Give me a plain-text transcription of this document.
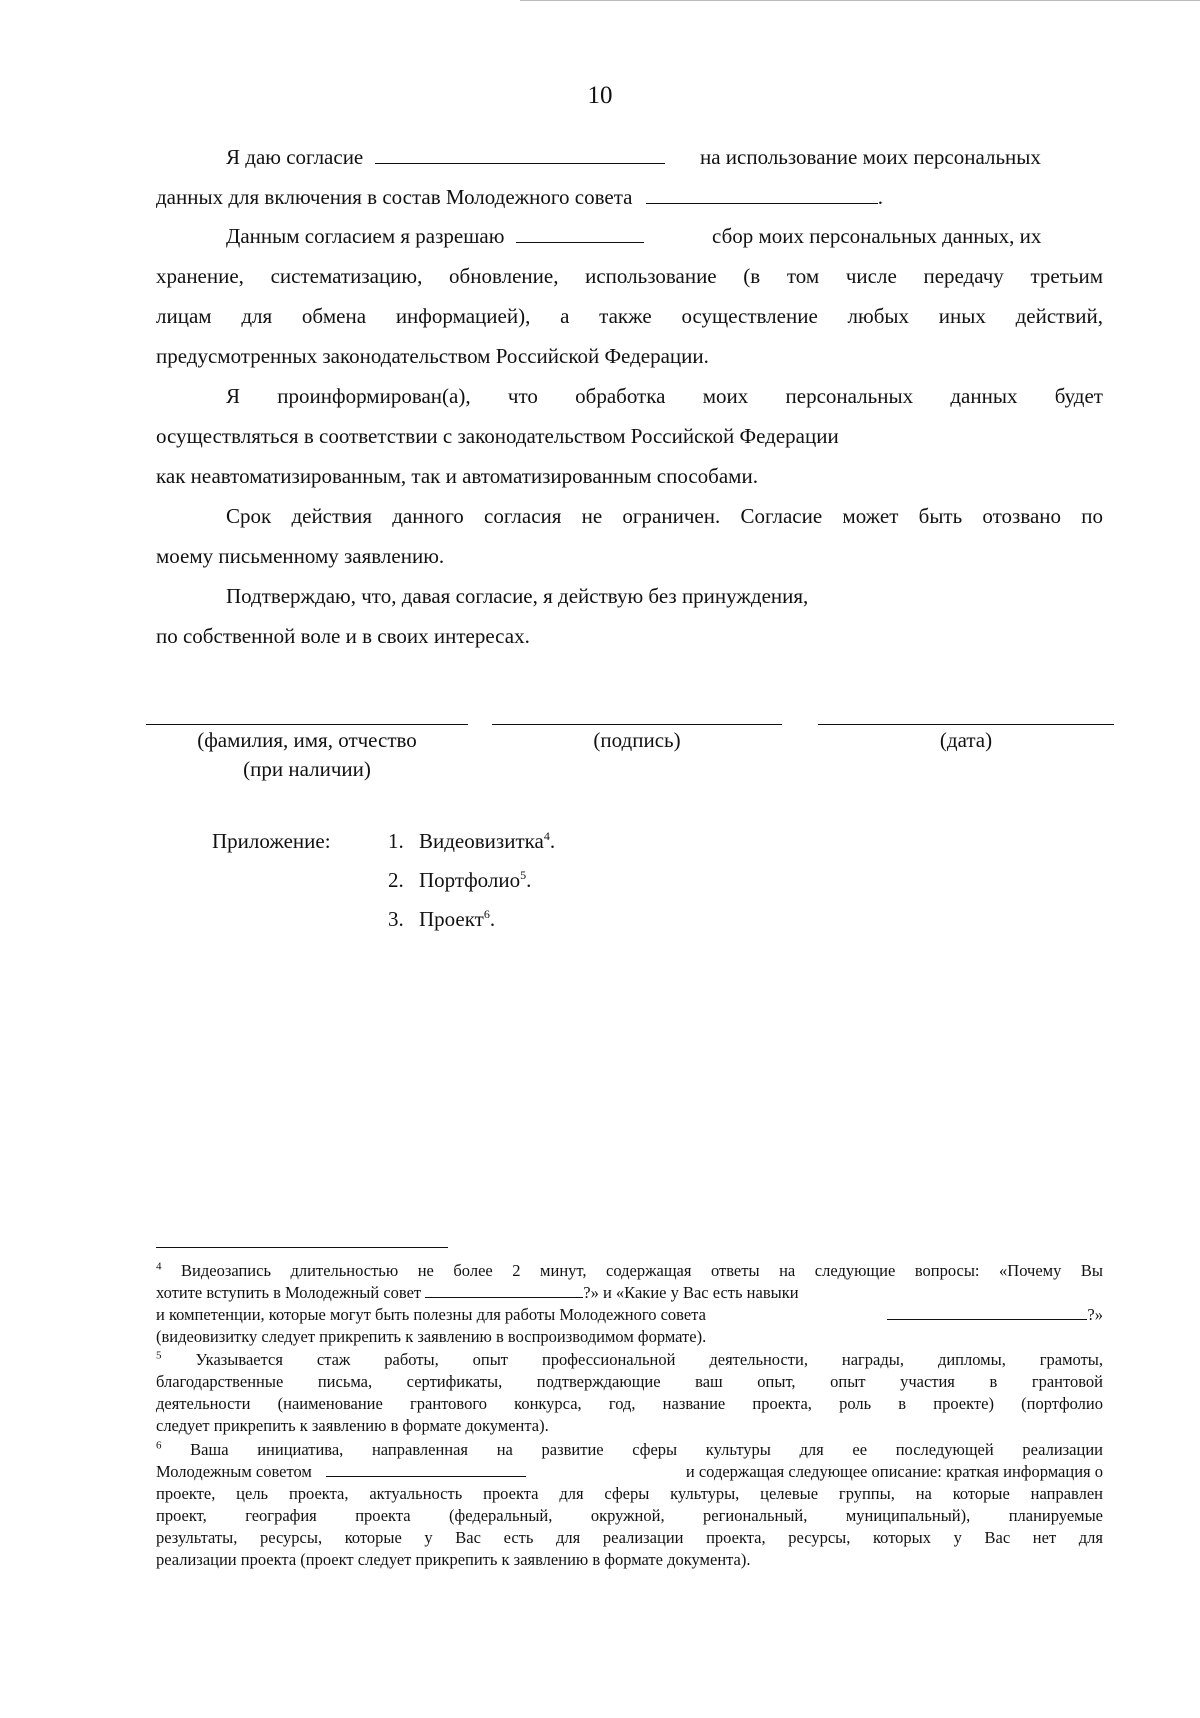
10
Я даю согласие	на использование моих персональных
данных для включения в состав Молодежного совета	.
Данным согласием я разрешаю	сбор моих персональных данных, их
хранение, систематизацию, обновление, использование (в том числе передачу третьим
лицам для обмена информацией), а также осуществление любых иных действий,
предусмотренных законодательством Российской Федерации.
Я проинформирован(а), что обработка моих персональных данных будет
осуществляться в соответствии с законодательством Российской Федерации
как неавтоматизированным, так и автоматизированным способами.
Срок действия данного согласия не ограничен. Согласие может быть отозвано по
моему письменному заявлению.
Подтверждаю, что, давая согласие, я действую без принуждения,
по собственной воле и в своих интересах.
(фамилия, имя, отчество
(при наличии)
(подпись)	(дата)
Приложение:	1. Видеовизитка$^4$.
2. Портфолио$^5$.
3. Проект$^6$.
$^4$ Видеозапись длительностью не более 2 минут, содержащая ответы на следующие вопросы: «Почему Вы
хотите вступить в Молодежный совет	?» и «Какие у Вас есть навыки
и компетенции, которые могут быть полезны для работы Молодежного совета	?»
(видеовизитку следует прикрепить к заявлению в воспроизводимом формате).
$^5$ Указывается стаж работы, опыт профессиональной деятельности, награды, дипломы, грамоты,
благодарственные письма, сертификаты, подтверждающие ваш опыт, опыт участия в грантовой
деятельности (наименование грантового конкурса, год, название проекта, роль в проекте) (портфолио
следует прикрепить к заявлению в формате документа).
$^6$ Ваша инициатива, направленная на развитие сферы культуры для ее последующей реализации
Молодежным советом	и содержащая следующее описание: краткая информация о
проекте, цель проекта, актуальность проекта для сферы культуры, целевые группы, на которые направлен
проект, география проекта (федеральный, окружной, региональный, муниципальный), планируемые
результаты, ресурсы, которые у Вас есть для реализации проекта, ресурсы, которых у Вас нет для
реализации проекта (проект следует прикрепить к заявлению в формате документа).
